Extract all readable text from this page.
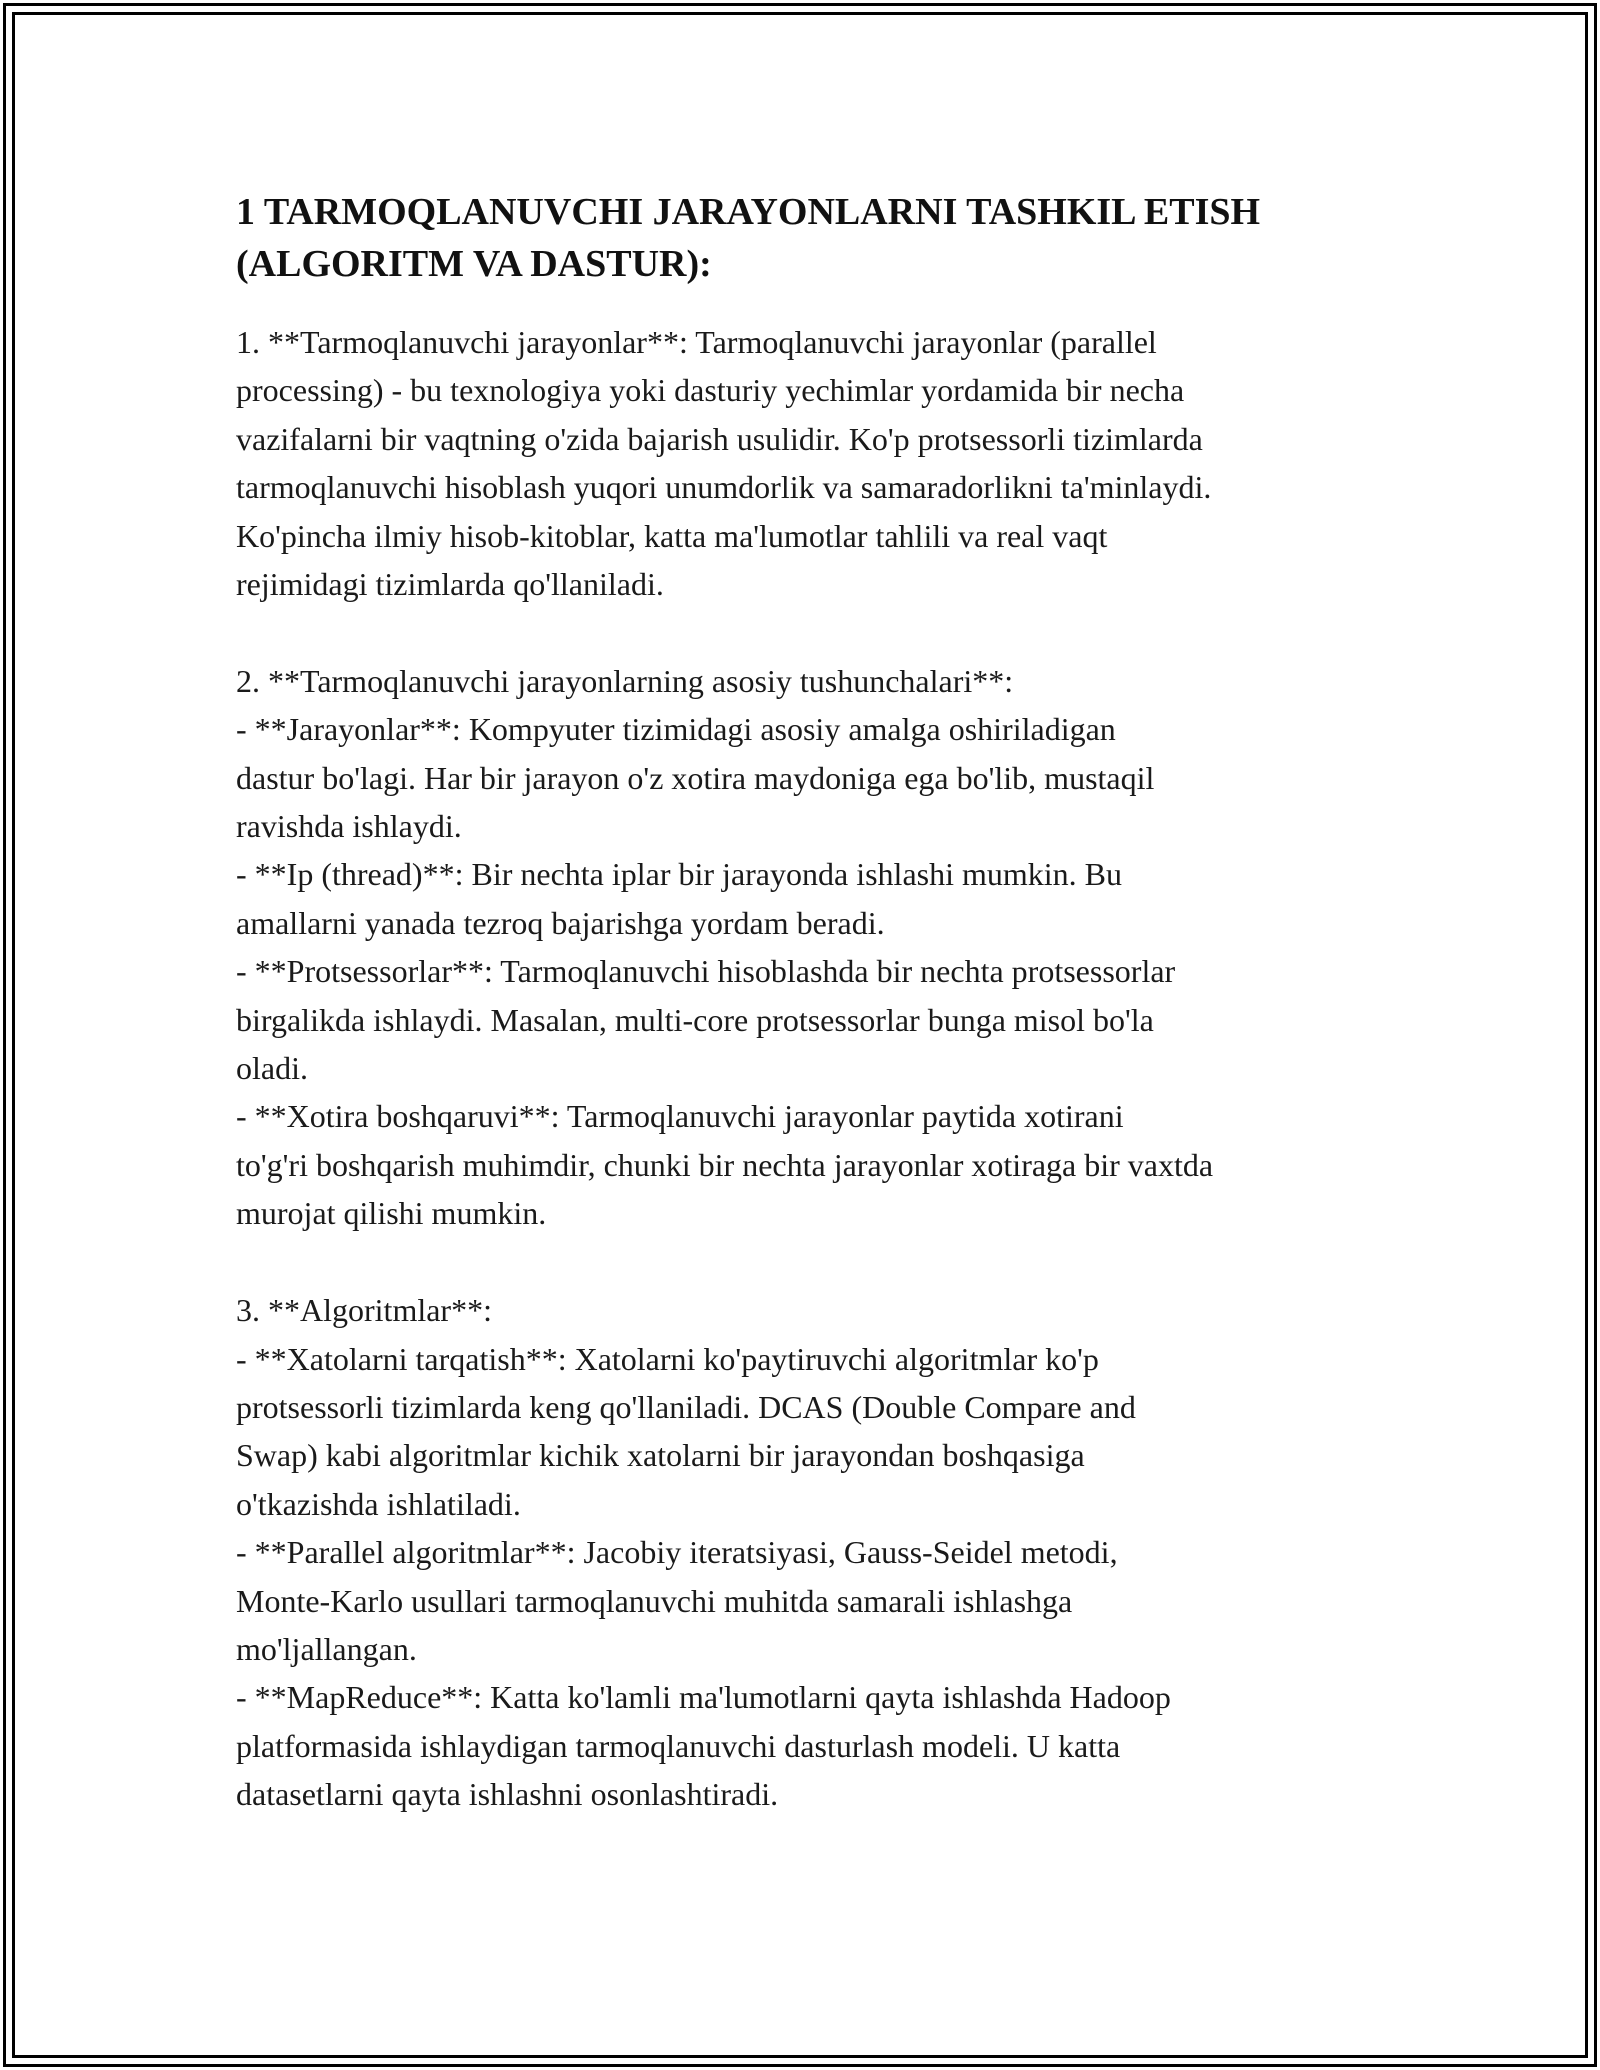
1 TARMOQLANUVCHI JARAYONLARNI TASHKIL ETISH (ALGORITM VA DASTUR):

1. **Tarmoqlanuvchi jarayonlar**: Tarmoqlanuvchi jarayonlar (parallel
processing) - bu texnologiya yoki dasturiy yechimlar yordamida bir necha
vazifalarni bir vaqtning o'zida bajarish usulidir. Ko'p protsessorli tizimlarda
tarmoqlanuvchi hisoblash yuqori unumdorlik va samaradorlikni ta'minlaydi.
Ko'pincha ilmiy hisob-kitoblar, katta ma'lumotlar tahlili va real vaqt
rejimidagi tizimlarda qo'llaniladi.

2. **Tarmoqlanuvchi jarayonlarning asosiy tushunchalari**:
- **Jarayonlar**: Kompyuter tizimidagi asosiy amalga oshiriladigan
dastur bo'lagi. Har bir jarayon o'z xotira maydoniga ega bo'lib, mustaqil
ravishda ishlaydi.
- **Ip (thread)**: Bir nechta iplar bir jarayonda ishlashi mumkin. Bu
amallarni yanada tezroq bajarishga yordam beradi.
- **Protsessorlar**: Tarmoqlanuvchi hisoblashda bir nechta protsessorlar
birgalikda ishlaydi. Masalan, multi-core protsessorlar bunga misol bo'la
oladi.
- **Xotira boshqaruvi**: Tarmoqlanuvchi jarayonlar paytida xotirani
to'g'ri boshqarish muhimdir, chunki bir nechta jarayonlar xotiraga bir vaxtda
murojat qilishi mumkin.

3. **Algoritmlar**:
- **Xatolarni tarqatish**: Xatolarni ko'paytiruvchi algoritmlar ko'p
protsessorli tizimlarda keng qo'llaniladi. DCAS (Double Compare and
Swap) kabi algoritmlar kichik xatolarni bir jarayondan boshqasiga
o'tkazishda ishlatiladi.
- **Parallel algoritmlar**: Jacobiy iteratsiyasi, Gauss-Seidel metodi,
Monte-Karlo usullari tarmoqlanuvchi muhitda samarali ishlashga
mo'ljallangan.
- **MapReduce**: Katta ko'lamli ma'lumotlarni qayta ishlashda Hadoop
platformasida ishlaydigan tarmoqlanuvchi dasturlash modeli. U katta
datasetlarni qayta ishlashni osonlashtiradi.
